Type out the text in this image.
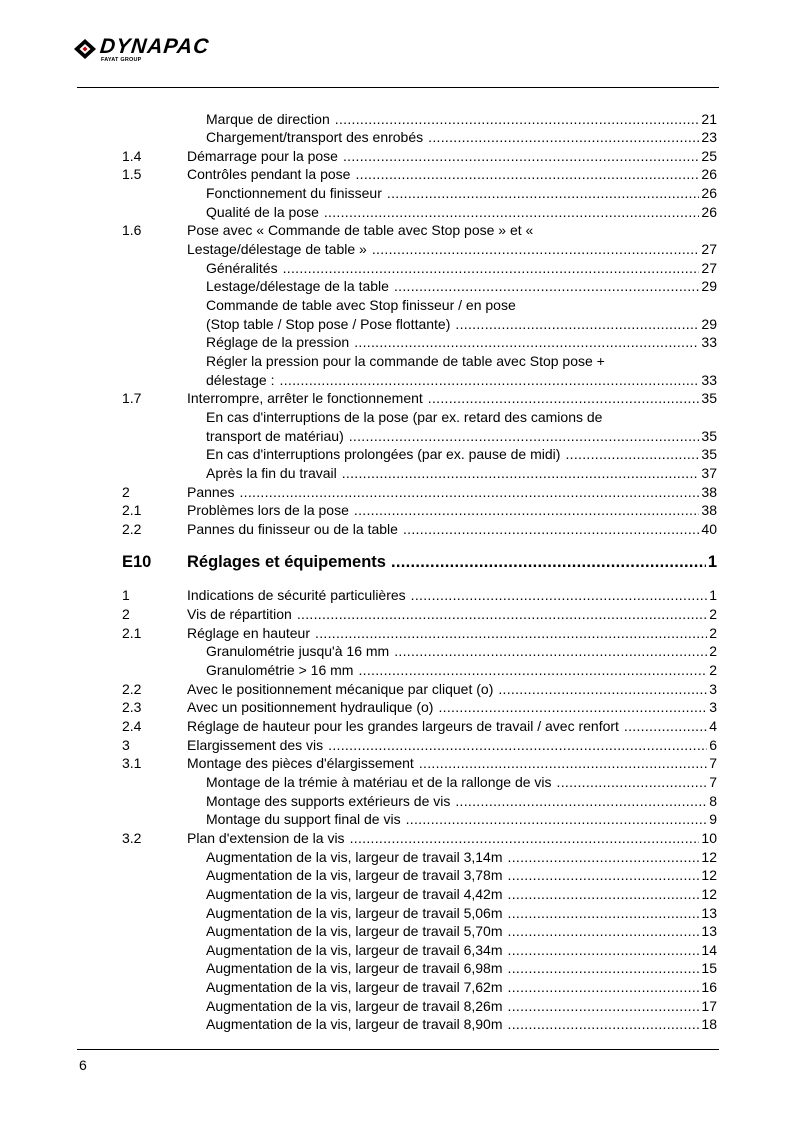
DYNAPAC
FAYAT GROUP
Marque de direction .....	21
Chargement/transport des enrobés .....	23
1.4	Démarrage pour la pose .....	25
1.5	Contrôles pendant la pose .....	26
Fonctionnement du finisseur .....	26
Qualité de la pose .....	26
1.6	Pose avec « Commande de table avec Stop pose » et «
Lestage/délestage de table » .....	27
Généralités .....	27
Lestage/délestage de la table .....	29
Commande de table avec Stop finisseur / en pose
(Stop table / Stop pose / Pose flottante) .....	29
Réglage de la pression .....	33
Régler la pression pour la commande de table avec Stop pose +
délestage : .....	33
1.7	Interrompre, arrêter le fonctionnement .....	35
En cas d'interruptions de la pose (par ex. retard des camions de
transport de matériau) .....	35
En cas d'interruptions prolongées (par ex. pause de midi) .....	35
Après la fin du travail .....	37
2	Pannes .....	38
2.1	Problèmes lors de la pose .....	38
2.2	Pannes du finisseur ou de la table .....	40
E10 Réglages et équipements .....	1
1	Indications de sécurité particulières .....	1
2	Vis de répartition .....	2
2.1	Réglage en hauteur .....	2
Granulométrie jusqu'à 16 mm .....	2
Granulométrie > 16 mm .....	2
2.2	Avec le positionnement mécanique par cliquet (o) .....	3
2.3	Avec un positionnement hydraulique (o) .....	3
2.4	Réglage de hauteur pour les grandes largeurs de travail / avec renfort .....	4
3	Elargissement des vis .....	6
3.1	Montage des pièces d'élargissement .....	7
Montage de la trémie à matériau et de la rallonge de vis .....	7
Montage des supports extérieurs de vis .....	8
Montage du support final de vis .....	9
3.2	Plan d'extension de la vis .....	10
Augmentation de la vis, largeur de travail 3,14m .....	12
Augmentation de la vis, largeur de travail 3,78m .....	12
Augmentation de la vis, largeur de travail 4,42m .....	12
Augmentation de la vis, largeur de travail 5,06m .....	13
Augmentation de la vis, largeur de travail 5,70m .....	13
Augmentation de la vis, largeur de travail 6,34m .....	14
Augmentation de la vis, largeur de travail 6,98m .....	15
Augmentation de la vis, largeur de travail 7,62m .....	16
Augmentation de la vis, largeur de travail 8,26m .....	17
Augmentation de la vis, largeur de travail 8,90m .....	18
6
